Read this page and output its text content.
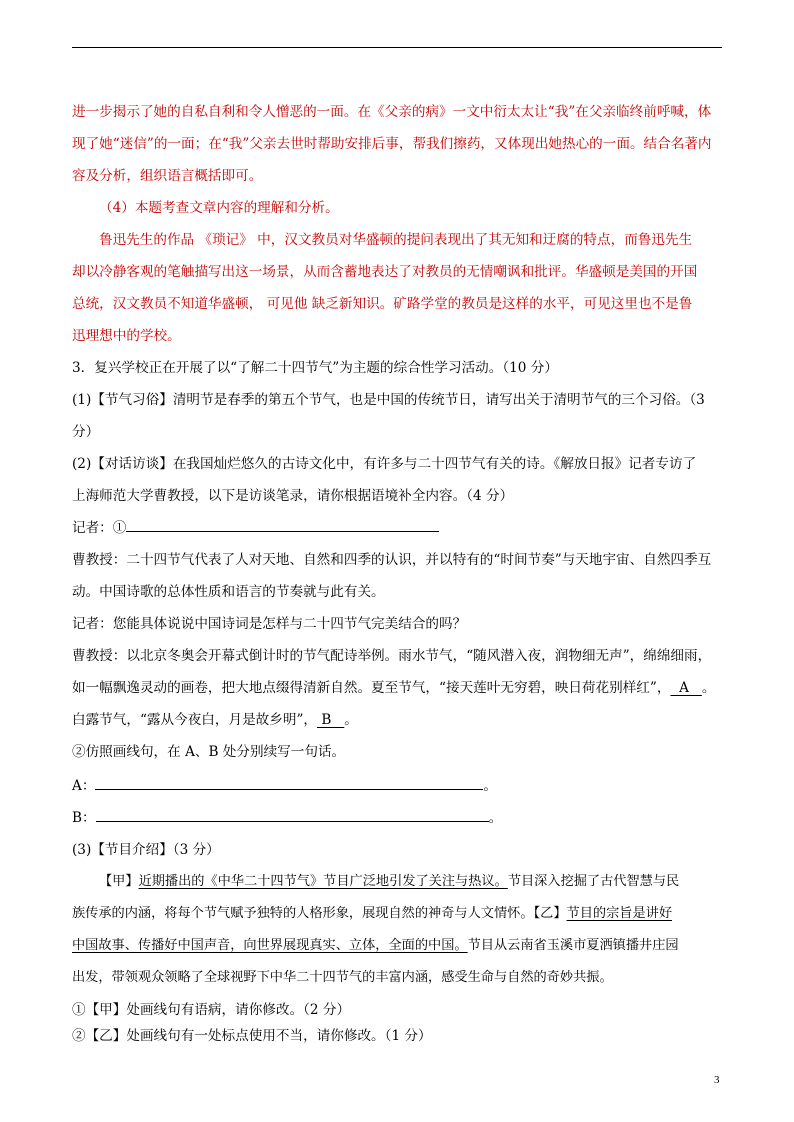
进一步揭示了她的自私自利和令人憎恶的一面。在《父亲的病》一文中衍太太让“我”在父亲临终前呼喊，体

现了她“迷信”的一面；在“我”父亲去世时帮助安排后事，帮我们擦药，又体现出她热心的一面。结合名著内

容及分析，组织语言概括即可。

（4）本题考查文章内容的理解和分析。

鲁迅先生的作品 《琐记》 中，汉文教员对华盛顿的提问表现出了其无知和迂腐的特点，而鲁迅先生

却以冷静客观的笔触描写出这一场景，从而含蓄地表达了对教员的无情嘲讽和批评。华盛顿是美国的开国

总统，汉文教员不知道华盛顿， 可见他 缺乏新知识。矿路学堂的教员是这样的水平，可见这里也不是鲁

迅理想中的学校。

3．复兴学校正在开展了以“了解二十四节气”为主题的综合性学习活动。（10 分）

(1)【节气习俗】清明节是春季的第五个节气，也是中国的传统节日，请写出关于清明节气的三个习俗。（3

分）

(2)【对话访谈】在我国灿烂悠久的古诗文化中，有许多与二十四节气有关的诗。《解放日报》记者专访了

上海师范大学曹教授，以下是访谈笔录，请你根据语境补全内容。（4 分）

记者：①

曹教授：二十四节气代表了人对天地、自然和四季的认识，并以特有的“时间节奏”与天地宇宙、自然四季互

动。中国诗歌的总体性质和语言的节奏就与此有关。

记者：您能具体说说中国诗词是怎样与二十四节气完美结合的吗？

曹教授：以北京冬奥会开幕式倒计时的节气配诗举例。雨水节气，“随风潜入夜，润物细无声”，绵绵细雨，

如一幅飘逸灵动的画卷，把大地点缀得清新自然。夏至节气，“接天莲叶无穷碧，映日荷花别样红”，  A   。

白露节气，“露从今夜白，月是故乡明”， B   。

②仿照画线句，在 A、B 处分别续写一句话。

A：	。

B：	。

(3)【节目介绍】（3 分）

【甲】近期播出的《中华二十四节气》节目广泛地引发了关注与热议。节目深入挖掘了古代智慧与民

族传承的内涵，将每个节气赋予独特的人格形象，展现自然的神奇与人文情怀。【乙】节目的宗旨是讲好

中国故事、传播好中国声音，向世界展现真实、立体，全面的中国。节目从云南省玉溪市夏洒镇播井庄园

出发，带领观众领略了全球视野下中华二十四节气的丰富内涵，感受生命与自然的奇妙共振。

①【甲】处画线句有语病，请你修改。（2 分）

②【乙】处画线句有一处标点使用不当，请你修改。（1 分）

3
